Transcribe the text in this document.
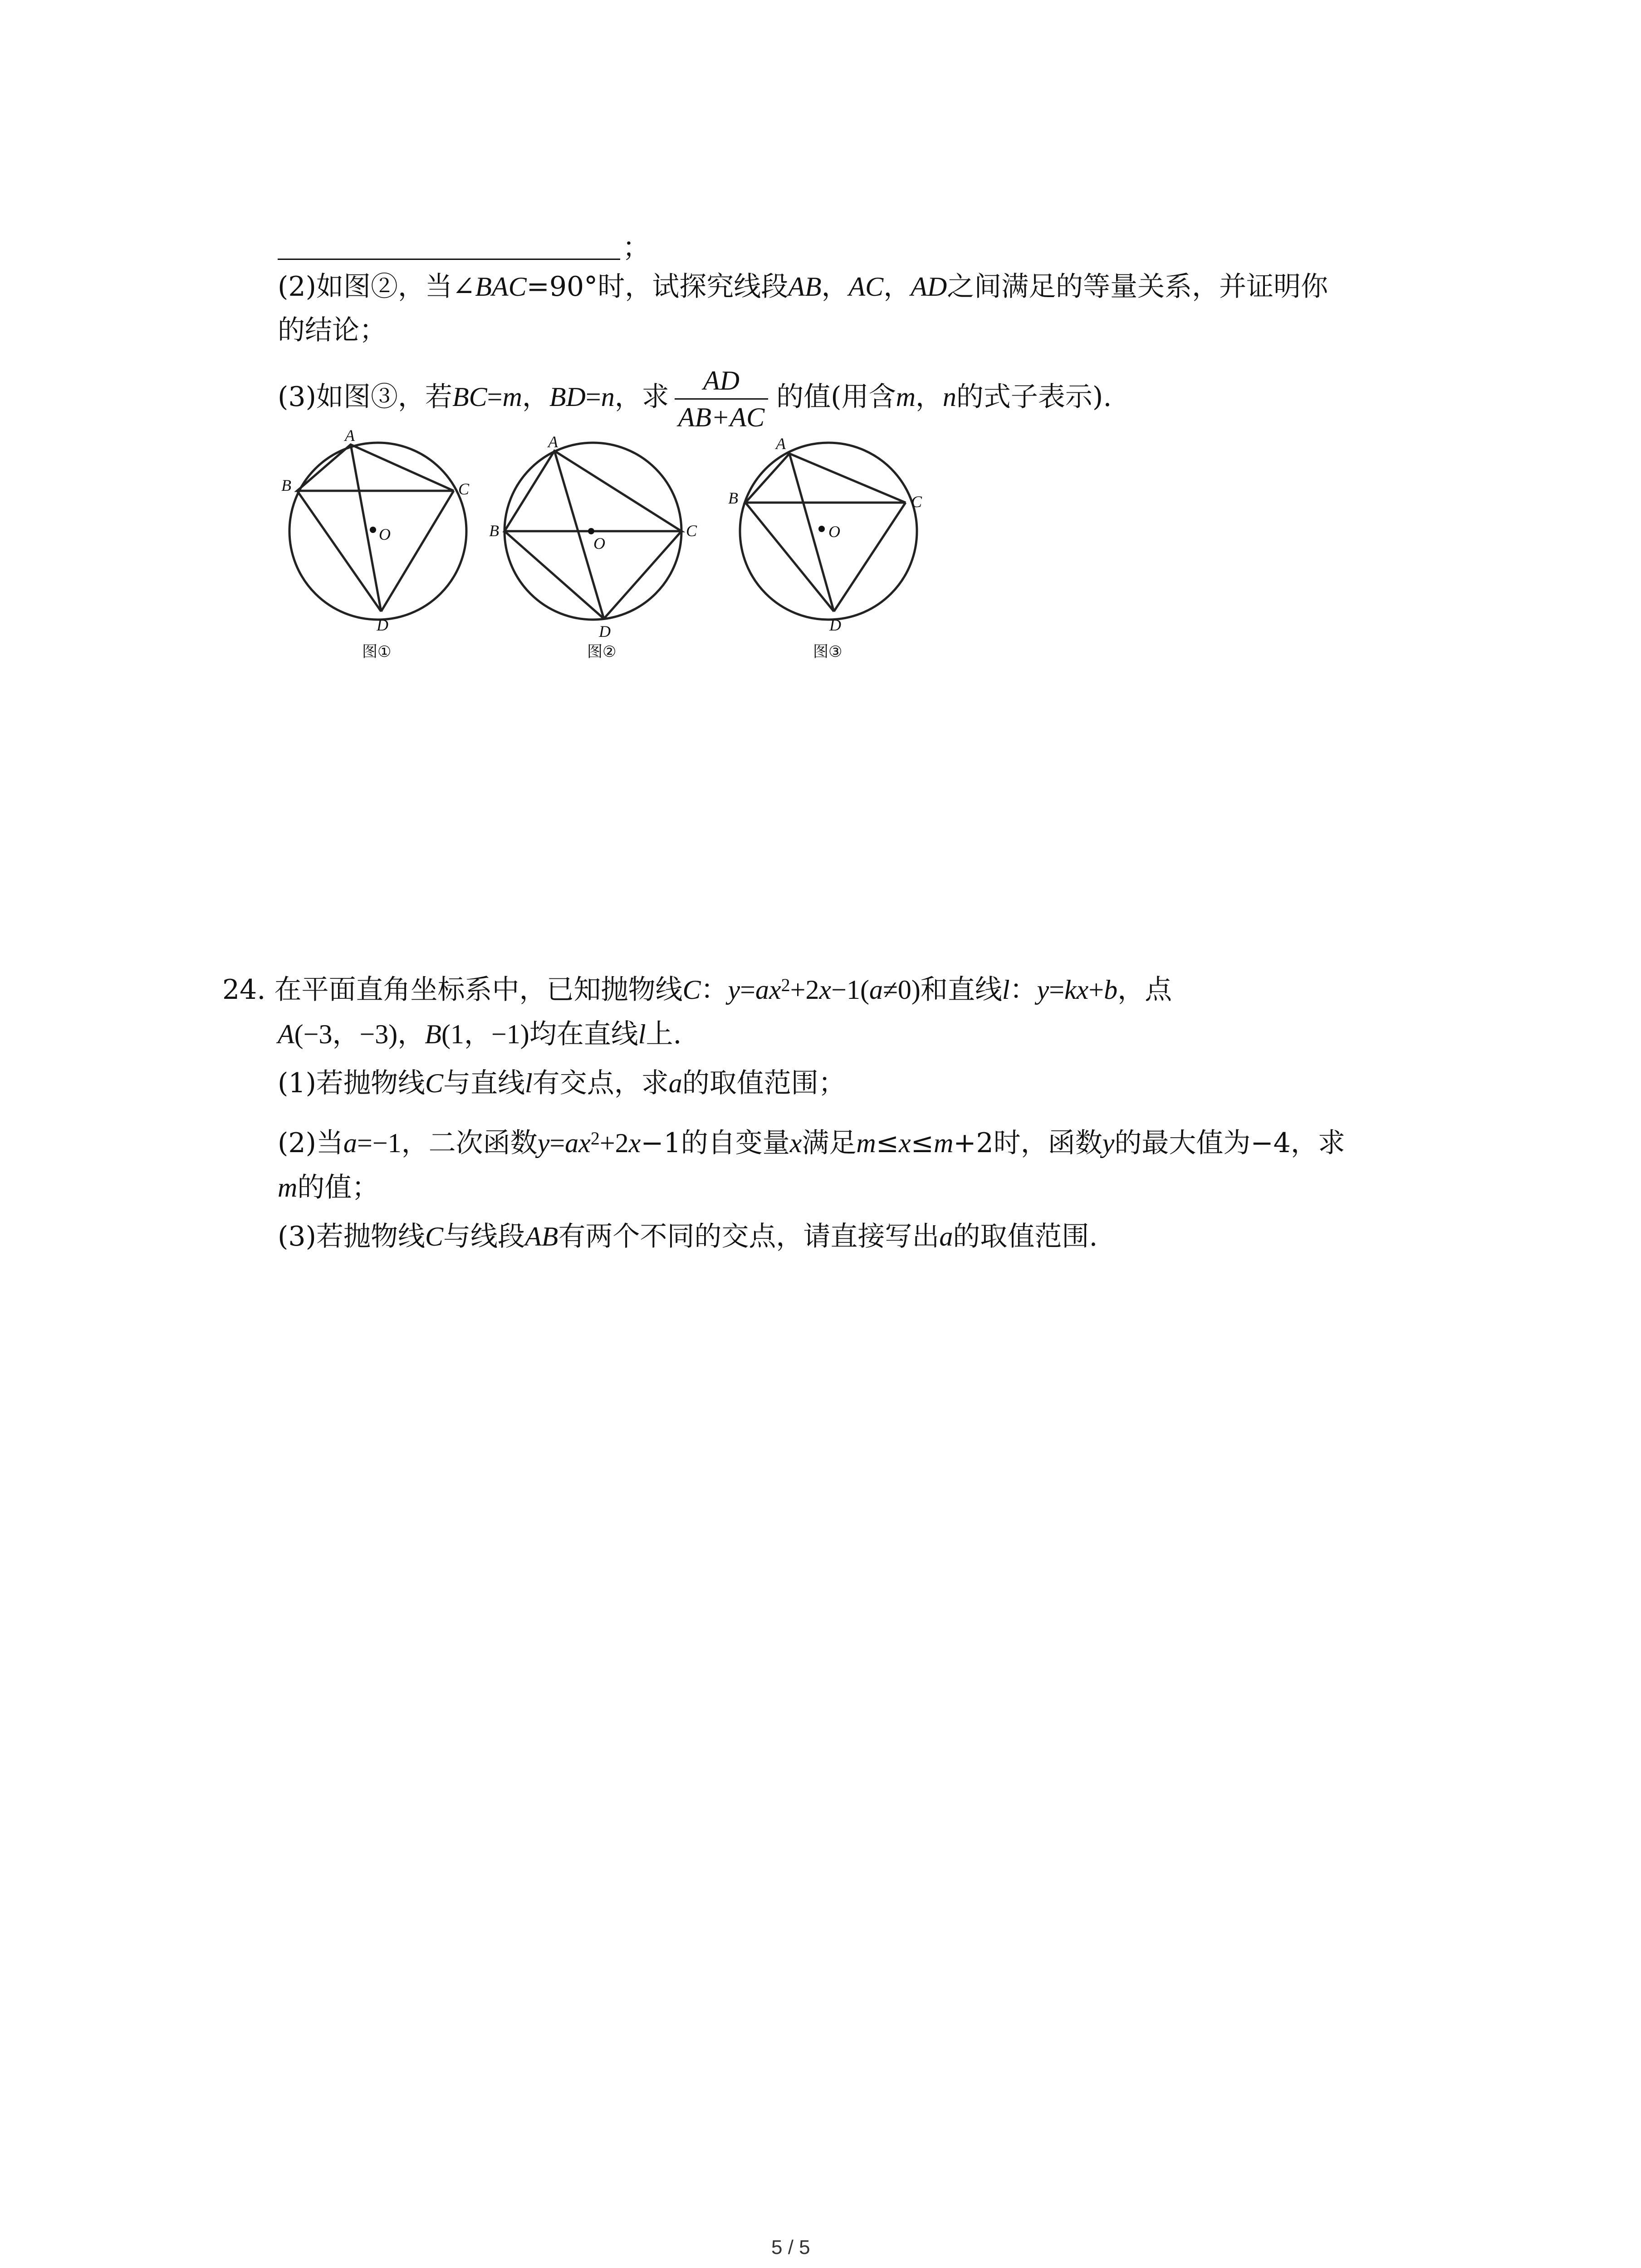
；
(2)如图②，当∠BAC=90°时，试探究线段AB，AC，AD之间满足的等量关系，并证明你
的结论；
(3)如图③，若BC=m，BD=n，求 $\frac{AD}{AB+AC}$ 的值(用含m，n的式子表示).
A
B	C
D
O
A
B	C
D
O
A
B	C
D
O
图①	图②	图③
24. 在平面直角坐标系中，已知抛物线C：$y=ax^2+2x-1(a\ne 0)$和直线l：y=kx+b，点
A(−3，−3)，B(1，−1)均在直线l上.
(1)若抛物线C与直线l有交点，求a的取值范围；
(2)当a=−1，二次函数$y=ax^2+2x-1$的自变量x满足m≤x≤m+2时，函数y的最大值为−4，求
m的值；
(3)若抛物线C与线段AB有两个不同的交点，请直接写出a的取值范围.
5 / 5
